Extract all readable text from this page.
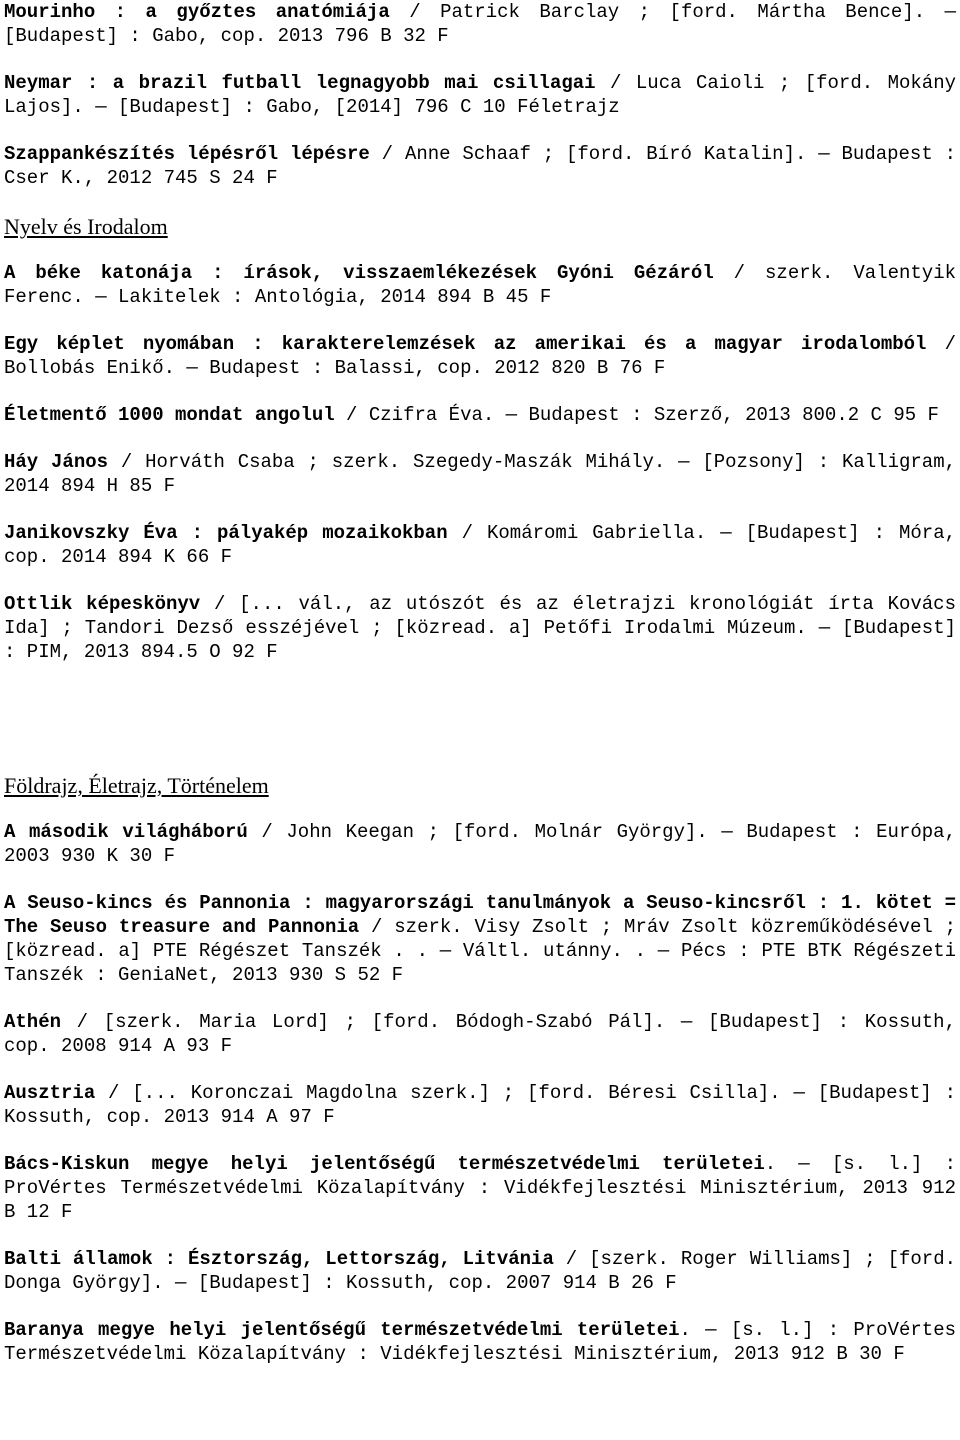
Mourinho : a győztes anatómiája / Patrick Barclay ; [ford. Mártha Bence]. — [Budapest] : Gabo, cop. 2013 796 B 32 F

Neymar : a brazil futball legnagyobb mai csillagai / Luca Caioli ; [ford. Mokány Lajos]. — [Budapest] : Gabo, [2014] 796 C 10 Féletrajz

Szappankészítés lépésről lépésre / Anne Schaaf ; [ford. Bíró Katalin]. — Budapest : Cser K., 2012 745 S 24 F

Nyelv és Irodalom

A béke katonája : írások, visszaemlékezések Gyóni Gézáról / szerk. Valentyik Ferenc. — Lakitelek : Antológia, 2014 894 B 45 F

Egy képlet nyomában : karakterelemzések az amerikai és a magyar irodalomból / Bollobás Enikő. — Budapest : Balassi, cop. 2012 820 B 76 F

Életmentő 1000 mondat angolul / Czifra Éva. — Budapest : Szerző, 2013 800.2 C 95 F

Háy János / Horváth Csaba ; szerk. Szegedy-Maszák Mihály. — [Pozsony] : Kalligram, 2014 894 H 85 F

Janikovszky Éva : pályakép mozaikokban / Komáromi Gabriella. — [Budapest] : Móra, cop. 2014 894 K 66 F

Ottlik képeskönyv / [... vál., az utószót és az életrajzi kronológiát írta Kovács Ida] ; Tandori Dezső esszéjével ; [közread. a] Petőfi Irodalmi Múzeum. — [Budapest] : PIM, 2013 894.5 O 92 F

Földrajz, Életrajz, Történelem

A második világháború / John Keegan ; [ford. Molnár György]. — Budapest : Európa, 2003 930 K 30 F

A Seuso-kincs és Pannonia : magyarországi tanulmányok a Seuso-kincsről : 1. kötet = The Seuso treasure and Pannonia / szerk. Visy Zsolt ; Mráv Zsolt közreműködésével ; [közread. a] PTE Régészet Tanszék . . — Váltl. utánny. . — Pécs : PTE BTK Régészeti Tanszék : GeniaNet, 2013 930 S 52 F

Athén / [szerk. Maria Lord] ; [ford. Bódogh-Szabó Pál]. — [Budapest] : Kossuth, cop. 2008 914 A 93 F

Ausztria / [... Koronczai Magdolna szerk.] ; [ford. Béresi Csilla]. — [Budapest] : Kossuth, cop. 2013 914 A 97 F

Bács-Kiskun megye helyi jelentőségű természetvédelmi területei. — [s. l.] : ProVértes Természetvédelmi Közalapítvány : Vidékfejlesztési Minisztérium, 2013 912 B 12 F

Balti államok : Észtország, Lettország, Litvánia / [szerk. Roger Williams] ; [ford. Donga György]. — [Budapest] : Kossuth, cop. 2007 914 B 26 F

Baranya megye helyi jelentőségű természetvédelmi területei. — [s. l.] : ProVértes Természetvédelmi Közalapítvány : Vidékfejlesztési Minisztérium, 2013 912 B 30 F
